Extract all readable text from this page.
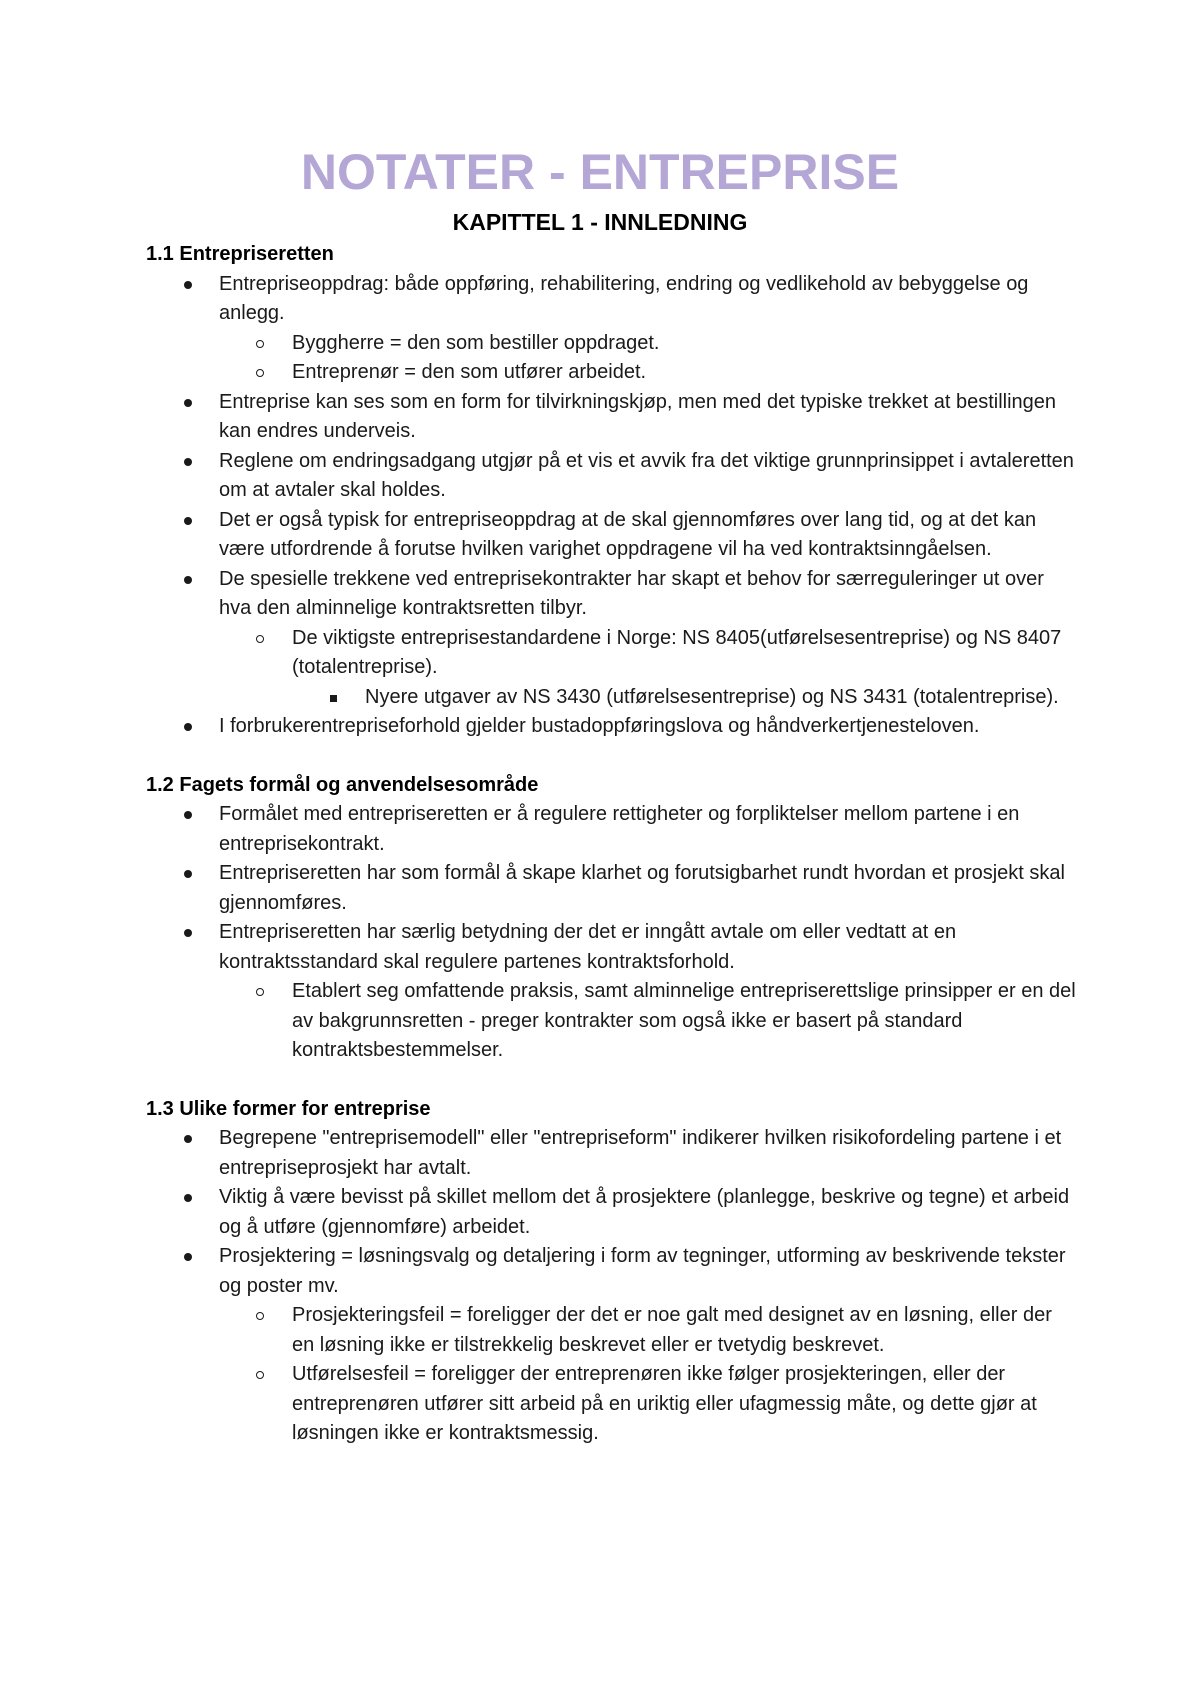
NOTATER - ENTREPRISE
KAPITTEL 1 - INNLEDNING
1.1 Entrepriseretten
Entrepriseoppdrag: både oppføring, rehabilitering, endring og vedlikehold av bebyggelse og anlegg.
Byggherre = den som bestiller oppdraget.
Entreprenør = den som utfører arbeidet.
Entreprise kan ses som en form for tilvirkningskjøp, men med det typiske trekket at bestillingen kan endres underveis.
Reglene om endringsadgang utgjør på et vis et avvik fra det viktige grunnprinsippet i avtaleretten om at avtaler skal holdes.
Det er også typisk for entrepriseoppdrag at de skal gjennomføres over lang tid, og at det kan være utfordrende å forutse hvilken varighet oppdragene vil ha ved kontraktsinngåelsen.
De spesielle trekkene ved entreprisekontrakter har skapt et behov for særreguleringer ut over hva den alminnelige kontraktsretten tilbyr.
De viktigste entreprisestandardene i Norge: NS 8405(utførelsesentreprise) og NS 8407 (totalentreprise).
Nyere utgaver av NS 3430 (utførelsesentreprise) og NS 3431 (totalentreprise).
I forbrukerentrepriseforhold gjelder bustadoppføringslova og håndverkertjenesteloven.
1.2 Fagets formål og anvendelsesområde
Formålet med entrepriseretten er å regulere rettigheter og forpliktelser mellom partene i en entreprisekontrakt.
Entrepriseretten har som formål å skape klarhet og forutsigbarhet rundt hvordan et prosjekt skal gjennomføres.
Entrepriseretten har særlig betydning der det er inngått avtale om eller vedtatt at en kontraktsstandard skal regulere partenes kontraktsforhold.
Etablert seg omfattende praksis, samt alminnelige entrepriserettslige prinsipper er en del av bakgrunnsretten - preger kontrakter som også ikke er basert på standard kontraktsbestemmelser.
1.3 Ulike former for entreprise
Begrepene "entreprisemodell" eller "entrepriseform" indikerer hvilken risikofordeling partene i et entrepriseprosjekt har avtalt.
Viktig å være bevisst på skillet mellom det å prosjektere (planlegge, beskrive og tegne) et arbeid og å utføre (gjennomføre) arbeidet.
Prosjektering = løsningsvalg og detaljering i form av tegninger, utforming av beskrivende tekster og poster mv.
Prosjekteringsfeil = foreligger der det er noe galt med designet av en løsning, eller der en løsning ikke er tilstrekkelig beskrevet eller er tvetydig beskrevet.
Utførelsesfeil = foreligger der entreprenøren ikke følger prosjekteringen, eller der entreprenøren utfører sitt arbeid på en uriktig eller ufagmessig måte, og dette gjør at løsningen ikke er kontraktsmessig.
